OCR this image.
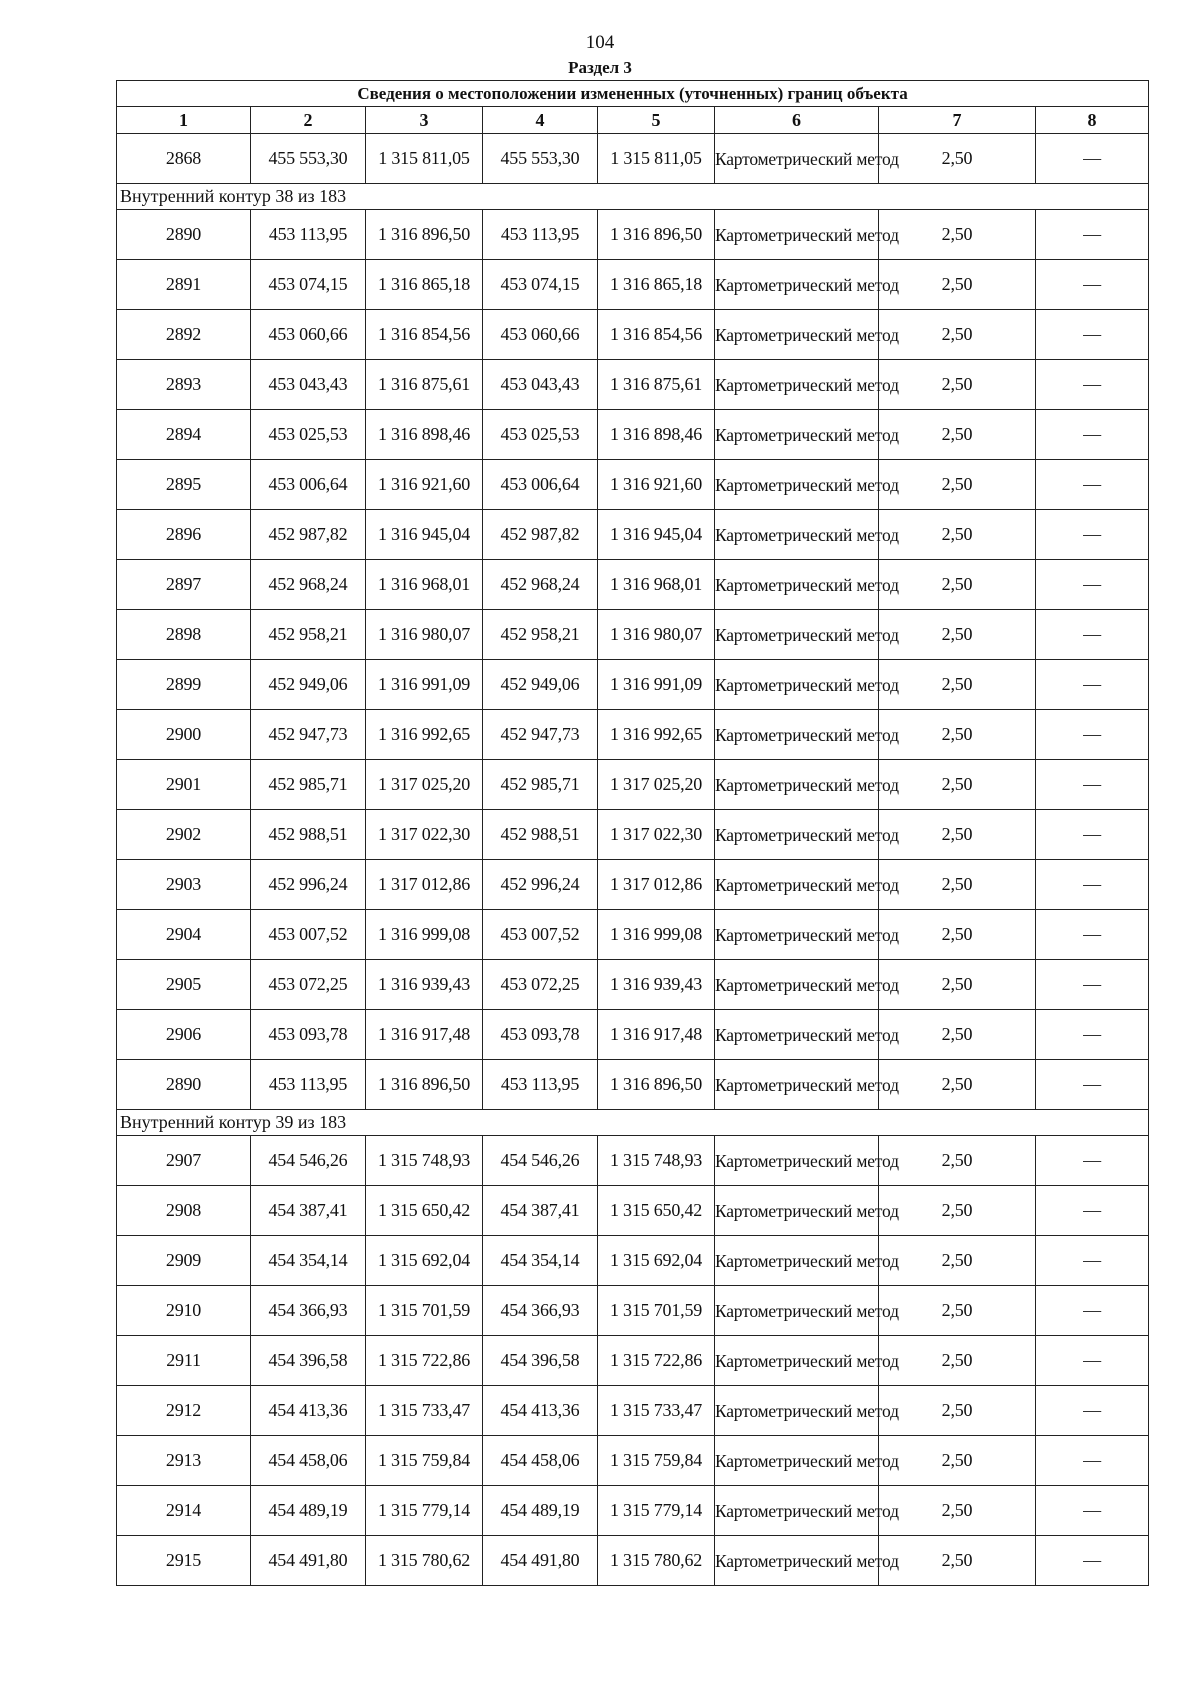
104
Раздел 3
Сведения о местоположении измененных (уточненных) границ объекта							
1	2	3	4	5	6	7	8
2868	455 553,30	1 315 811,05	455 553,30	1 315 811,05	Картометрический метод	2,50	—
Внутренний контур 38 из 183							
2890	453 113,95	1 316 896,50	453 113,95	1 316 896,50	Картометрический метод	2,50	—
2891	453 074,15	1 316 865,18	453 074,15	1 316 865,18	Картометрический метод	2,50	—
2892	453 060,66	1 316 854,56	453 060,66	1 316 854,56	Картометрический метод	2,50	—
2893	453 043,43	1 316 875,61	453 043,43	1 316 875,61	Картометрический метод	2,50	—
2894	453 025,53	1 316 898,46	453 025,53	1 316 898,46	Картометрический метод	2,50	—
2895	453 006,64	1 316 921,60	453 006,64	1 316 921,60	Картометрический метод	2,50	—
2896	452 987,82	1 316 945,04	452 987,82	1 316 945,04	Картометрический метод	2,50	—
2897	452 968,24	1 316 968,01	452 968,24	1 316 968,01	Картометрический метод	2,50	—
2898	452 958,21	1 316 980,07	452 958,21	1 316 980,07	Картометрический метод	2,50	—
2899	452 949,06	1 316 991,09	452 949,06	1 316 991,09	Картометрический метод	2,50	—
2900	452 947,73	1 316 992,65	452 947,73	1 316 992,65	Картометрический метод	2,50	—
2901	452 985,71	1 317 025,20	452 985,71	1 317 025,20	Картометрический метод	2,50	—
2902	452 988,51	1 317 022,30	452 988,51	1 317 022,30	Картометрический метод	2,50	—
2903	452 996,24	1 317 012,86	452 996,24	1 317 012,86	Картометрический метод	2,50	—
2904	453 007,52	1 316 999,08	453 007,52	1 316 999,08	Картометрический метод	2,50	—
2905	453 072,25	1 316 939,43	453 072,25	1 316 939,43	Картометрический метод	2,50	—
2906	453 093,78	1 316 917,48	453 093,78	1 316 917,48	Картометрический метод	2,50	—
2890	453 113,95	1 316 896,50	453 113,95	1 316 896,50	Картометрический метод	2,50	—
Внутренний контур 39 из 183							
2907	454 546,26	1 315 748,93	454 546,26	1 315 748,93	Картометрический метод	2,50	—
2908	454 387,41	1 315 650,42	454 387,41	1 315 650,42	Картометрический метод	2,50	—
2909	454 354,14	1 315 692,04	454 354,14	1 315 692,04	Картометрический метод	2,50	—
2910	454 366,93	1 315 701,59	454 366,93	1 315 701,59	Картометрический метод	2,50	—
2911	454 396,58	1 315 722,86	454 396,58	1 315 722,86	Картометрический метод	2,50	—
2912	454 413,36	1 315 733,47	454 413,36	1 315 733,47	Картометрический метод	2,50	—
2913	454 458,06	1 315 759,84	454 458,06	1 315 759,84	Картометрический метод	2,50	—
2914	454 489,19	1 315 779,14	454 489,19	1 315 779,14	Картометрический метод	2,50	—
2915	454 491,80	1 315 780,62	454 491,80	1 315 780,62	Картометрический метод	2,50	—
